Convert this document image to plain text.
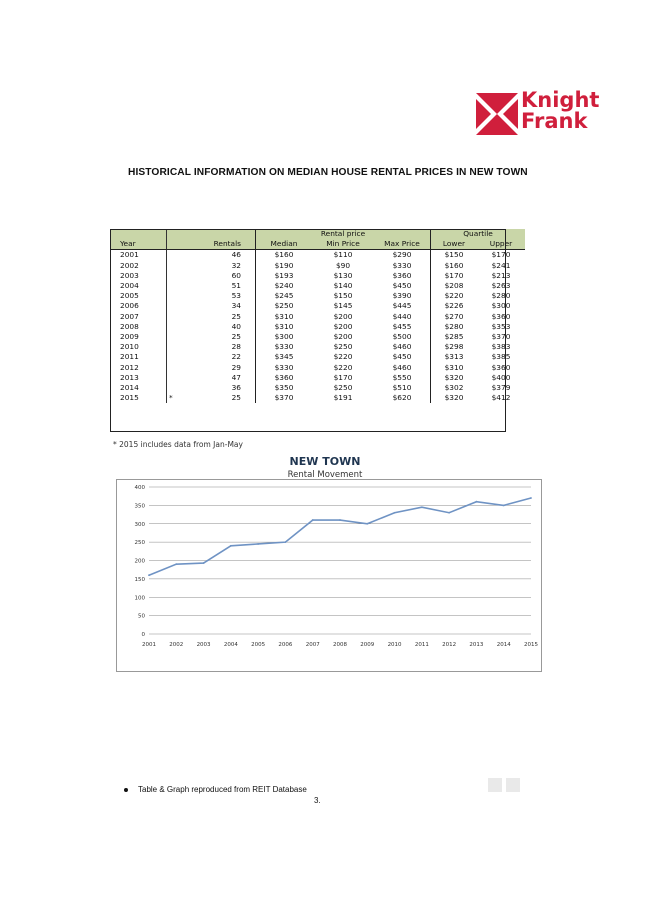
Knight
Frank
HISTORICAL INFORMATION ON MEDIAN HOUSE RENTAL PRICES IN NEW TOWN
			Rental price			Quartile	
Year		Rentals	Median	Min Price	Max Price	Lower	Upper
2001		46	$160	$110	$290	$150	$170
2002		32	$190	$90	$330	$160	$241
2003		60	$193	$130	$360	$170	$213
2004		51	$240	$140	$450	$208	$263
2005		53	$245	$150	$390	$220	$280
2006		34	$250	$145	$445	$226	$300
2007		25	$310	$200	$440	$270	$360
2008		40	$310	$200	$455	$280	$353
2009		25	$300	$200	$500	$285	$370
2010		28	$330	$250	$460	$298	$383
2011		22	$345	$220	$450	$313	$385
2012		29	$330	$220	$460	$310	$360
2013		47	$360	$170	$550	$320	$400
2014		36	$350	$250	$510	$302	$379
2015	*	25	$370	$191	$620	$320	$412
* 2015 includes data from Jan-May
NEW TOWN
Rental Movement
0
50
100
150
200
250
300
350
400
2001 2002 2003 2004 2005 2006 2007 2008 2009 2010 2011 2012 2013 2014 2015
Table & Graph reproduced from REIT Database
3.
